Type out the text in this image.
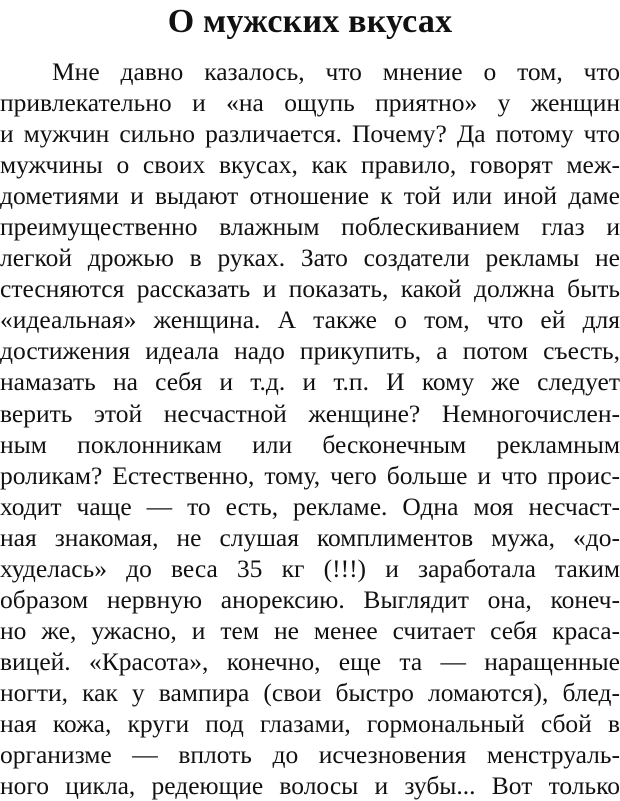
О мужских вкусах
Мне давно казалось, что мнение о том, что
привлекательно и «на ощупь приятно» у женщин
и мужчин сильно различается. Почему? Да потому что
мужчины о своих вкусах, как правило, говорят меж-
дометиями и выдают отношение к той или иной даме
преимущественно влажным поблескиванием глаз и
легкой дрожью в руках. Зато создатели рекламы не
стесняются рассказать и показать, какой должна быть
«идеальная» женщина. А также о том, что ей для
достижения идеала надо прикупить, а потом съесть,
намазать на себя и т.д. и т.п. И кому же следует
верить этой несчастной женщине? Немногочислен-
ным поклонникам или бесконечным рекламным
роликам? Естественно, тому, чего больше и что проис-
ходит чаще — то есть, рекламе. Одна моя несчаст-
ная знакомая, не слушая комплиментов мужа, «до-
худелась» до веса 35 кг (!!!) и заработала таким
образом нервную анорексию. Выглядит она, конеч-
но же, ужасно, и тем не менее считает себя краса-
вицей. «Красота», конечно, еще та — наращенные
ногти, как у вампира (свои быстро ломаются), блед-
ная кожа, круги под глазами, гормональный сбой в
организме — вплоть до исчезновения менструаль-
ного цикла, редеющие волосы и зубы... Вот только
